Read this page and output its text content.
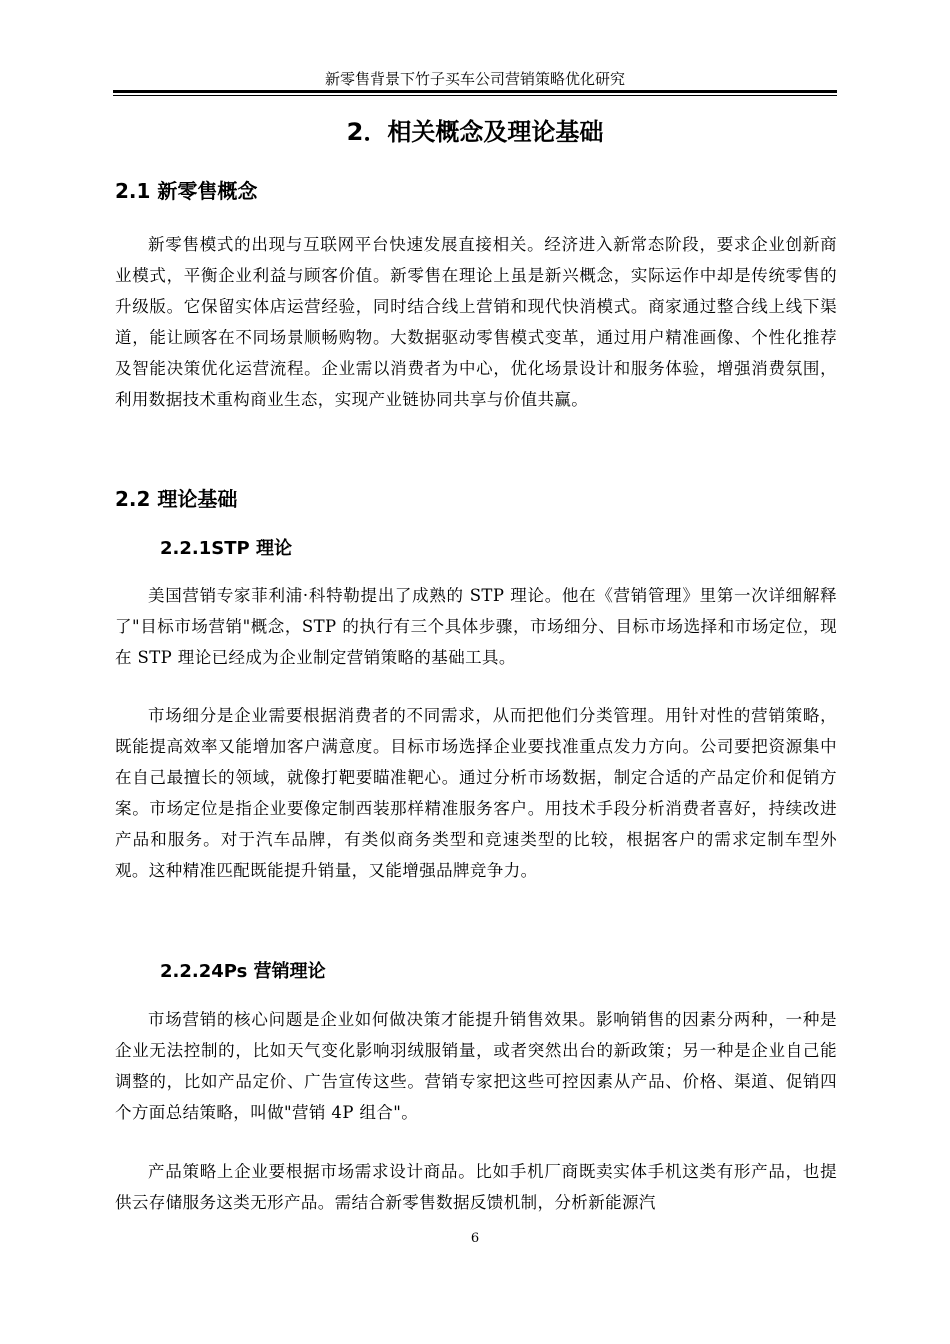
新零售背景下竹子买车公司营销策略优化研究
2．相关概念及理论基础
2.1 新零售概念

新零售模式的出现与互联网平台快速发展直接相关。经济进入新常态阶段，要求企业创新商业模式，平衡企业利益与顾客价值。新零售在理论上虽是新兴概念，实际运作中却是传统零售的升级版。它保留实体店运营经验，同时结合线上营销和现代快消模式。商家通过整合线上线下渠道，能让顾客在不同场景顺畅购物。大数据驱动零售模式变革，通过用户精准画像、个性化推荐及智能决策优化运营流程。企业需以消费者为中心，优化场景设计和服务体验，增强消费氛围，利用数据技术重构商业生态，实现产业链协同共享与价值共赢。

2.2 理论基础
2.2.1STP 理论

美国营销专家菲利浦·科特勒提出了成熟的 STP 理论。他在《营销管理》里第一次详细解释了"目标市场营销"概念，STP 的执行有三个具体步骤，市场细分、目标市场选择和市场定位，现在 STP 理论已经成为企业制定营销策略的基础工具。

市场细分是企业需要根据消费者的不同需求，从而把他们分类管理。用针对性的营销策略，既能提高效率又能增加客户满意度。目标市场选择企业要找准重点发力方向。公司要把资源集中在自己最擅长的领域，就像打靶要瞄准靶心。通过分析市场数据，制定合适的产品定价和促销方案。市场定位是指企业要像定制西装那样精准服务客户。用技术手段分析消费者喜好，持续改进产品和服务。对于汽车品牌，有类似商务类型和竞速类型的比较，根据客户的需求定制车型外观。这种精准匹配既能提升销量，又能增强品牌竞争力。

2.2.24Ps 营销理论

市场营销的核心问题是企业如何做决策才能提升销售效果。影响销售的因素分两种，一种是企业无法控制的，比如天气变化影响羽绒服销量，或者突然出台的新政策；另一种是企业自己能调整的，比如产品定价、广告宣传这些。营销专家把这些可控因素从产品、价格、渠道、促销四个方面总结策略，叫做"营销 4P 组合"。

产品策略上企业要根据市场需求设计商品。比如手机厂商既卖实体手机这类有形产品，也提供云存储服务这类无形产品。需结合新零售数据反馈机制，分析新能源汽

6
